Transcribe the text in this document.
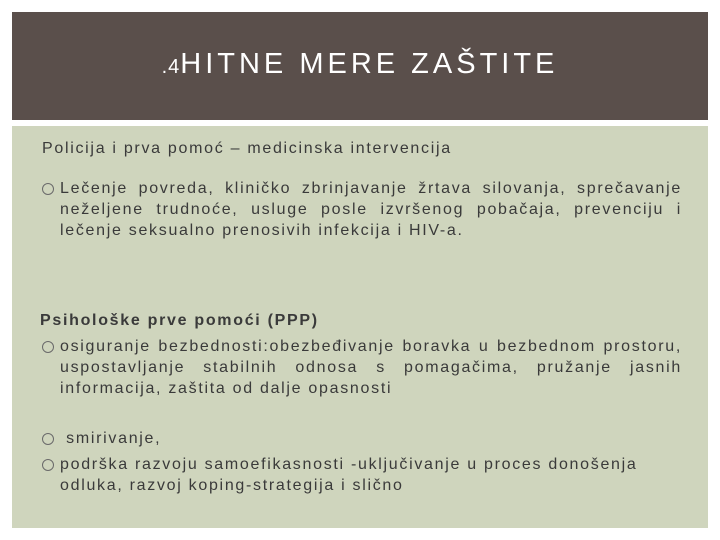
.4HITNE MERE ZAŠTITE
Policija i prva pomoć – medicinska intervencija
Lečenje povreda, kliničko zbrinjavanje žrtava silovanja, sprečavanje neželjene trudnoće, usluge posle izvršenog pobačaja, prevenciju i lečenje seksualno prenosivih infekcija i HIV-a.
Psihološke prve pomoći (PPP)
osiguranje bezbednosti:obezbeđivanje boravka u bezbednom prostoru, uspostavljanje stabilnih odnosa s pomagačima, pružanje jasnih informacija, zaštita od dalje opasnosti
smirivanje,
podrška razvoju samoefikasnosti -uključivanje u proces donošenja odluka, razvoj koping-strategija i slično
